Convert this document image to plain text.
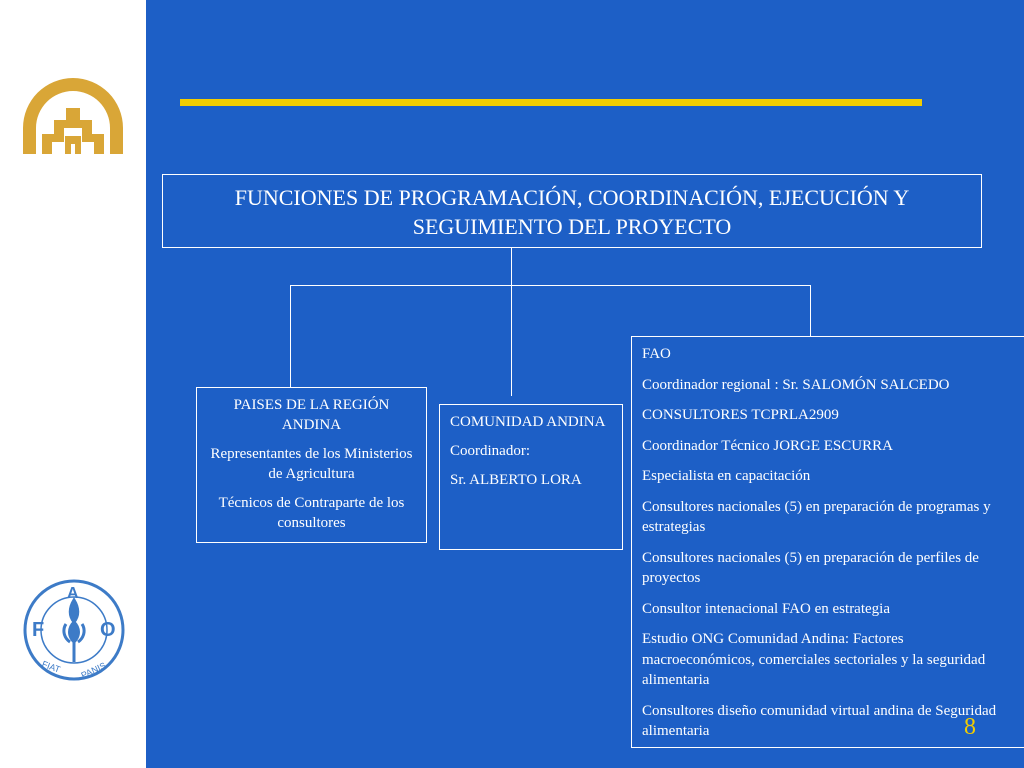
F
A
O
FIAT PANIS
FUNCIONES DE PROGRAMACIÓN, COORDINACIÓN, EJECUCIÓN Y SEGUIMIENTO DEL PROYECTO

PAISES DE LA REGIÓN ANDINA

Representantes de los Ministerios de Agricultura

Técnicos de Contraparte de los consultores

COMUNIDAD ANDINA

Coordinador:

Sr. ALBERTO LORA

FAO

Coordinador regional : Sr. SALOMÓN SALCEDO

CONSULTORES TCPRLA2909

Coordinador Técnico JORGE ESCURRA

Especialista en capacitación

Consultores nacionales (5) en preparación de programas y estrategias

Consultores nacionales (5) en preparación de perfiles de proyectos

Consultor intenacional FAO en estrategia

Estudio ONG Comunidad Andina: Factores macroeconómicos, comerciales sectoriales y la seguridad alimentaria

Consultores diseño comunidad virtual andina de Seguridad alimentaria	8
